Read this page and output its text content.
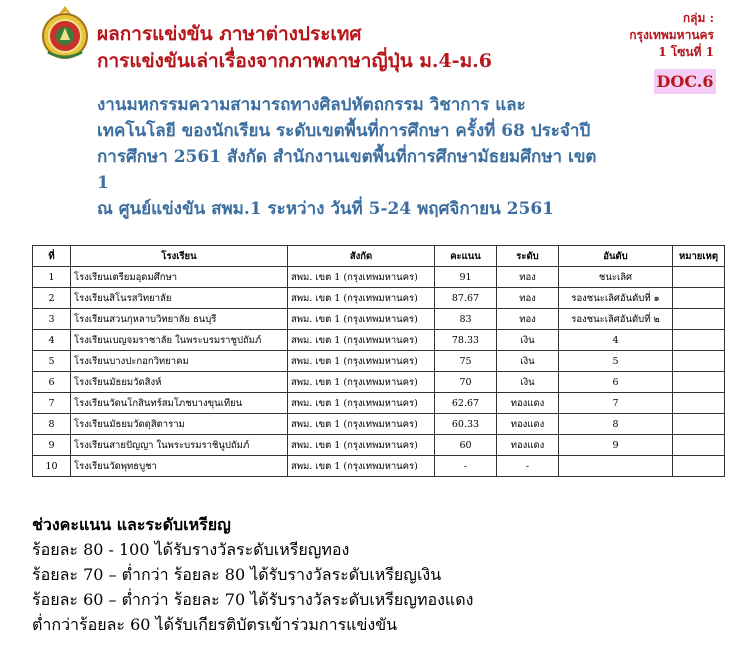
ผลการแข่งขัน ภาษาต่างประเทศ
การแข่งขันเล่าเรื่องจากภาพภาษาญี่ปุ่น ม.4-ม.6
กลุ่ม :
กรุงเทพมหานคร
1 โซนที่ 1
DOC.6
งานมหกรรมความสามารถทางศิลปหัตถกรรม วิชาการ และ
เทคโนโลยี ของนักเรียน ระดับเขตพื้นที่การศึกษา ครั้งที่ 68 ประจำปี
การศึกษา 2561 สังกัด สำนักงานเขตพื้นที่การศึกษามัธยมศึกษา เขต
1
ณ ศูนย์แข่งขัน สพม.1 ระหว่าง วันที่ 5-24 พฤศจิกายน 2561
ที่	โรงเรียน	สังกัด	คะแนน	ระดับ	อันดับ	หมายเหตุ
1	โรงเรียนเตรียมอุดมศึกษา	สพม. เขต 1 (กรุงเทพมหานคร)	91	ทอง	ชนะเลิศ	
2	โรงเรียนสิโนรสวิทยาลัย	สพม. เขต 1 (กรุงเทพมหานคร)	87.67	ทอง	รองชนะเลิศอันดับที่ ๑	
3	โรงเรียนสวนกุหลาบวิทยาลัย ธนบุรี	สพม. เขต 1 (กรุงเทพมหานคร)	83	ทอง	รองชนะเลิศอันดับที่ ๒	
4	โรงเรียนเบญจมราชาลัย ในพระบรมราชูปถัมภ์	สพม. เขต 1 (กรุงเทพมหานคร)	78.33	เงิน	4	
5	โรงเรียนบางปะกอกวิทยาคม	สพม. เขต 1 (กรุงเทพมหานคร)	75	เงิน	5	
6	โรงเรียนมัธยมวัดสิงห์	สพม. เขต 1 (กรุงเทพมหานคร)	70	เงิน	6	
7	โรงเรียนวัดนโกสินทร์สมโภชบางขุนเทียน	สพม. เขต 1 (กรุงเทพมหานคร)	62.67	ทองแดง	7	
8	โรงเรียนมัธยมวัดดุสิตาราม	สพม. เขต 1 (กรุงเทพมหานคร)	60.33	ทองแดง	8	
9	โรงเรียนสายปัญญา ในพระบรมราชินูปถัมภ์	สพม. เขต 1 (กรุงเทพมหานคร)	60	ทองแดง	9	
10	โรงเรียนวัดพุทธบูชา	สพม. เขต 1 (กรุงเทพมหานคร)	-	-		
ช่วงคะแนน และระดับเหรียญ
ร้อยละ 80 - 100 ได้รับรางวัลระดับเหรียญทอง
ร้อยละ 70 – ต่ำกว่า ร้อยละ 80 ได้รับรางวัลระดับเหรียญเงิน
ร้อยละ 60 – ต่ำกว่า ร้อยละ 70 ได้รับรางวัลระดับเหรียญทองแดง
ต่ำกว่าร้อยละ 60 ได้รับเกียรติบัตรเข้าร่วมการแข่งขัน
